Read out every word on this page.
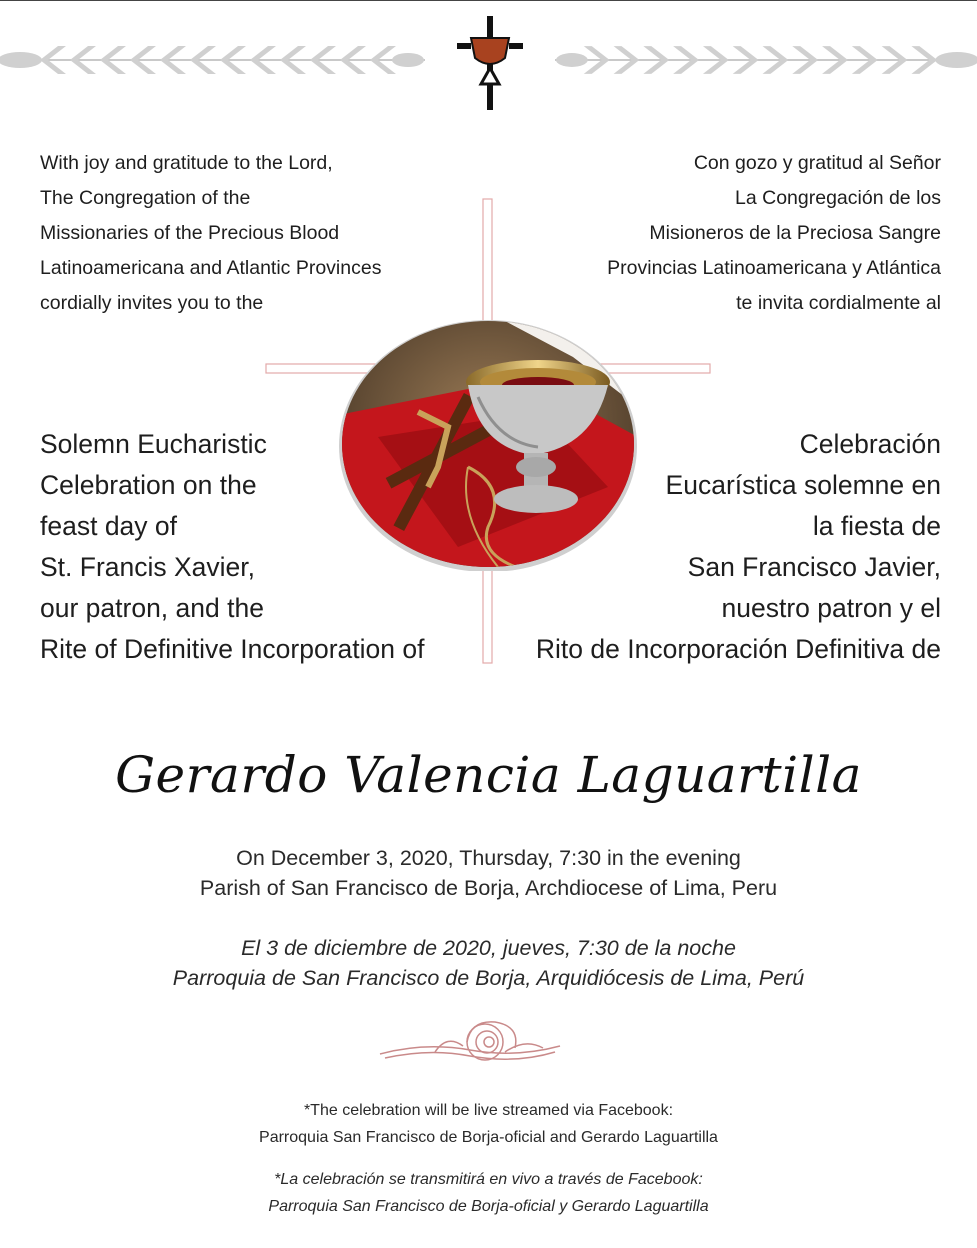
With joy and gratitude to the Lord,
The Congregation of the
Missionaries of the Precious Blood
Latinoamericana and Atlantic Provinces
cordially invites you to the
Con gozo y gratitud al Señor
La Congregación de los
Misioneros de la Preciosa Sangre
Provincias Latinoamericana y Atlántica
te invita cordialmente al
Solemn Eucharistic
Celebration on the
feast day of
St. Francis Xavier,
our patron, and the
Rite of Definitive Incorporation of
Celebración
Eucarística solemne en
la fiesta de
San Francisco Javier,
nuestro patron y el
Rito de Incorporación Definitiva de
Gerardo Valencia Laguartilla
On December 3, 2020, Thursday, 7:30 in the evening
Parish of San Francisco de Borja, Archdiocese of Lima, Peru
El 3 de diciembre de 2020, jueves, 7:30 de la noche
Parroquia de San Francisco de Borja, Arquidiócesis de Lima, Perú
*The celebration will be live streamed via Facebook:
Parroquia San Francisco de Borja-oficial and Gerardo Laguartilla
*La celebración se transmitirá en vivo a través de Facebook:
Parroquia San Francisco de Borja-oficial y Gerardo Laguartilla
